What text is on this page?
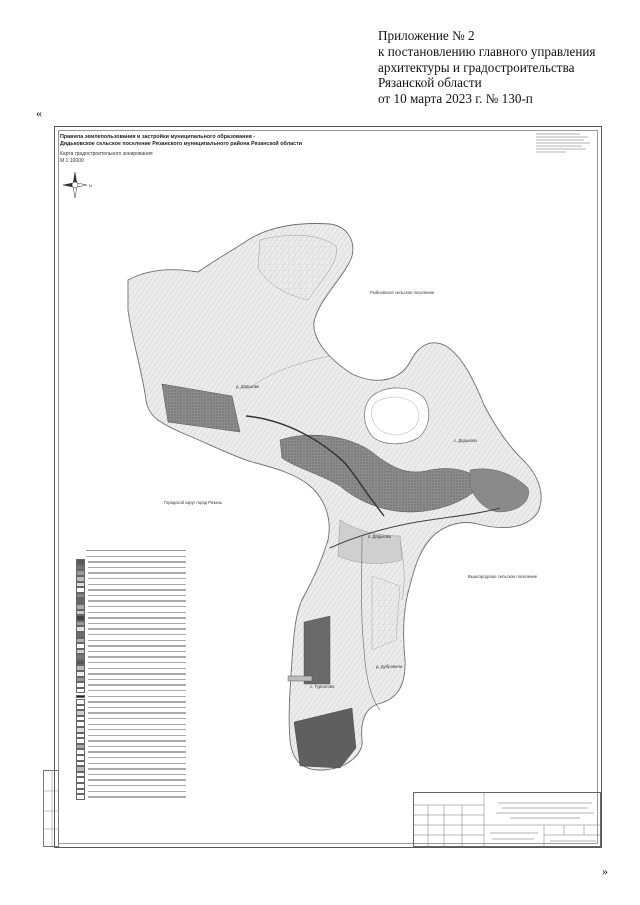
Приложение № 2
к постановлению главного управления
архитектуры и градостроительства
Рязанской области
от 10 марта 2023 г. № 130-п
«
»
Правила землепользования и застройки муниципального образования -
Дядьковское сельское поселение Рязанского муниципального района Рязанской области
Карта градостроительного зонирования
М 1:10000
N
Рыбновское сельское поселение
д. Дядьково
с. Дядьково
Городской округ город Рязань
п. Дядьково
Вышгородское сельское поселение
с. Турлатово
д. Дубровичи
